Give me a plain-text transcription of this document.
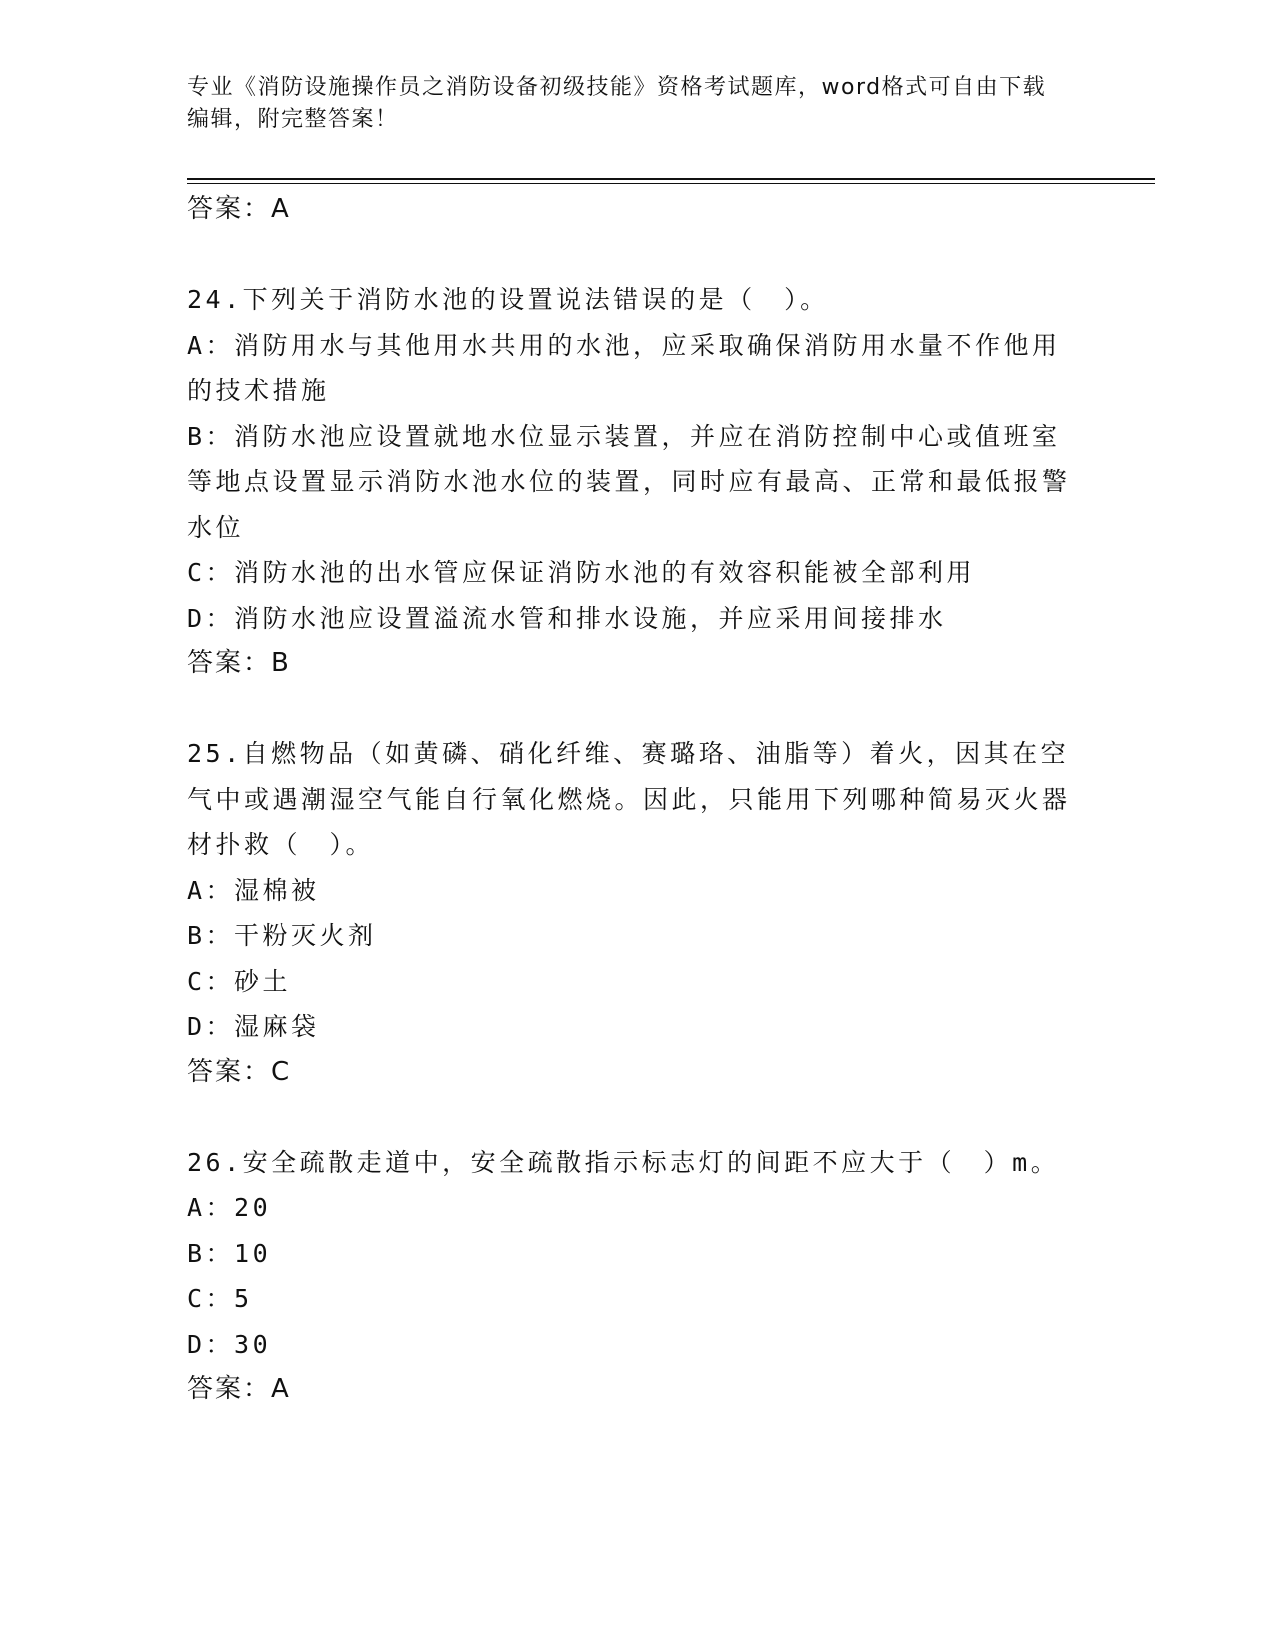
专业《消防设施操作员之消防设备初级技能》资格考试题库，word格式可自由下载编辑，附完整答案！

答案：A

24.下列关于消防水池的设置说法错误的是（　）。

A：消防用水与其他用水共用的水池，应采取确保消防用水量不作他用的技术措施

B：消防水池应设置就地水位显示装置，并应在消防控制中心或值班室等地点设置显示消防水池水位的装置，同时应有最高、正常和最低报警水位

C：消防水池的出水管应保证消防水池的有效容积能被全部利用

D：消防水池应设置溢流水管和排水设施，并应采用间接排水

答案：B

25.自燃物品（如黄磷、硝化纤维、赛璐珞、油脂等）着火，因其在空气中或遇潮湿空气能自行氧化燃烧。因此，只能用下列哪种简易灭火器材扑救（　）。

A：湿棉被

B：干粉灭火剂

C：砂土

D：湿麻袋

答案：C

26.安全疏散走道中，安全疏散指示标志灯的间距不应大于（　）m。

A：20

B：10

C：5

D：30

答案：A
